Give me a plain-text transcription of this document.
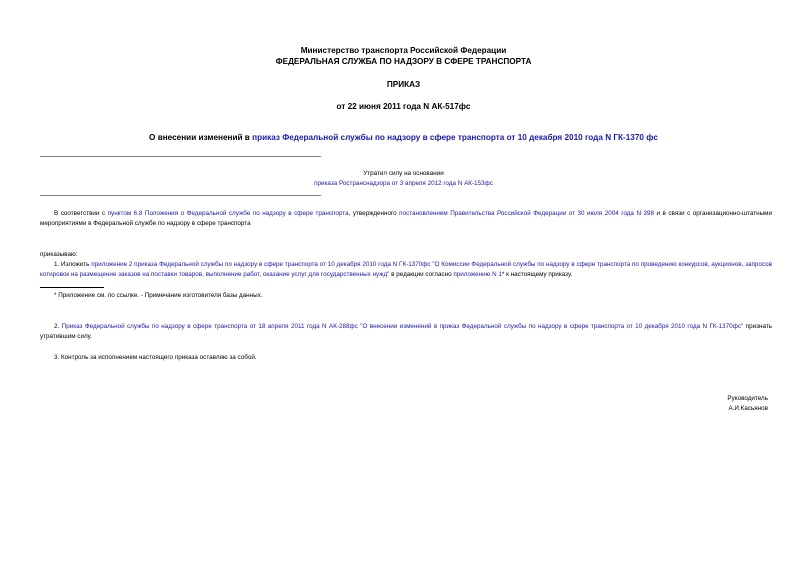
Министерство транспорта Российской Федерации
ФЕДЕРАЛЬНАЯ СЛУЖБА ПО НАДЗОРУ В СФЕРЕ ТРАНСПОРТА
ПРИКАЗ
от 22 июня 2011 года N АК-517фс
О внесении изменений в приказ Федеральной службы по надзору в сфере транспорта от 10 декабря 2010 года N ГК-1370 фс
Утратил силу на основании
приказа Ространснадзора от 3 апреля 2012 года N АК-153фс
В соответствии с пунктом 6.8 Положения о Федеральной службе по надзору в сфере транспорта, утвержденного постановлением Правительства Российской Федерации от 30 июля 2004 года N 398 и в связи с организационно-штатными мероприятиями в Федеральной службе по надзору в сфере транспорта
приказываю:
1. Изложить приложение 2 приказа Федеральной службы по надзору в сфере транспорта от 10 декабря 2010 года N ГК-1370фс "О Комиссии Федеральной службы по надзору в сфере транспорта по проведению конкурсов, аукционов, запросов котировок на размещение заказов на поставки товаров, выполнение работ, оказание услуг для государственных нужд" в редакции согласно приложению N 1* к настоящему приказу.
* Приложение см. по ссылке. - Примечание изготовителя базы данных.
2. Приказ Федеральной службы по надзору в сфере транспорта от 18 апреля 2011 года N АК-288фс "О внесении изменений в приказ Федеральной службы по надзору в сфере транспорта от 10 декабря 2010 года N ГК-1370фс" признать утратившим силу.
3. Контроль за исполнением настоящего приказа оставляю за собой.
Руководитель
А.И.Касьянов
